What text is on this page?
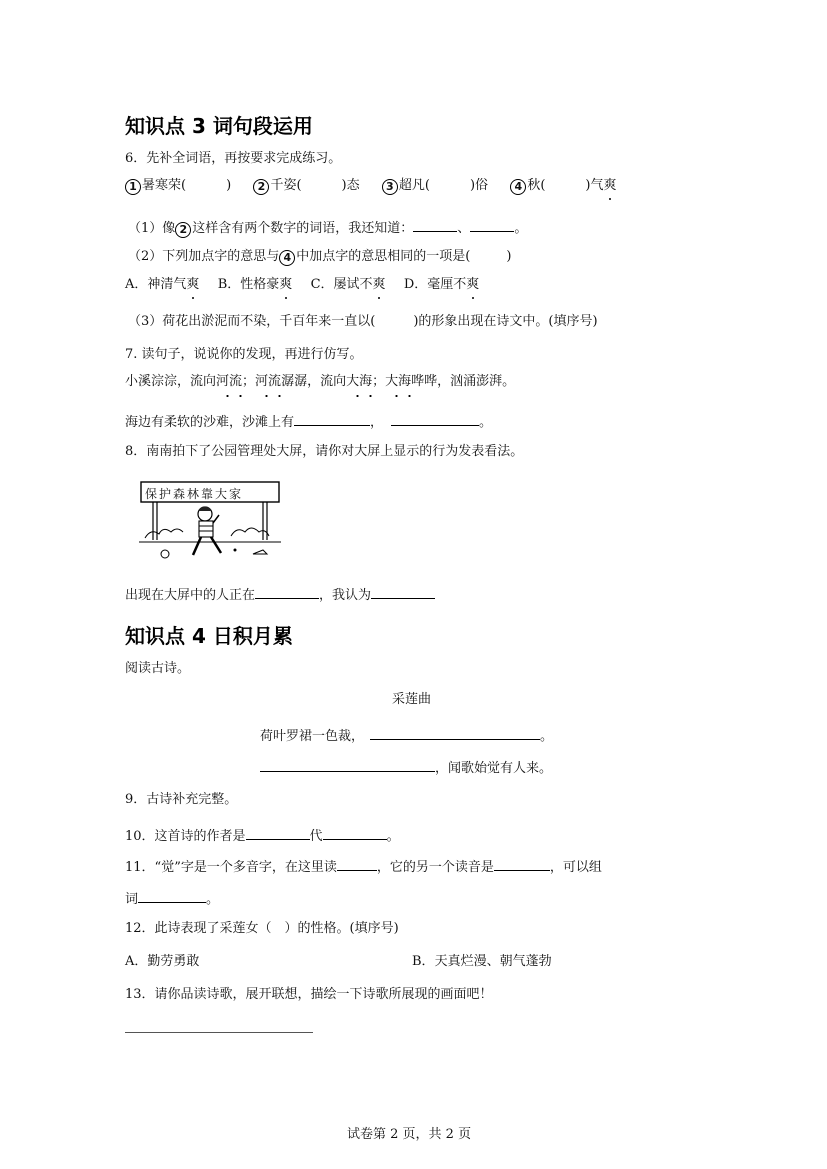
知识点 3 词句段运用
6．先补全词语，再按要求完成练习。
1 暑寒荣(	) 2 千姿(	)态 3 超凡(	)俗 4 秋(	)气爽
（1）像 2 这样含有两个数字的词语，我还知道：	、	。
（2）下列加点字的意思与 4 中加点字的意思相同的一项是(	)
A．神清气爽 B．性格豪爽 C．屡试不爽 D．毫厘不爽
（3）荷花出淤泥而不染，千百年来一直以(	)的形象出现在诗文中。(填序号)
7. 读句子，说说你的发现，再进行仿写。
小溪淙淙，流向河流；河流潺潺，流向大海；大海哗哗，汹涌澎湃。
海边有柔软的沙难，沙滩上有	，	。
8．南南拍下了公园管理处大屏，请你对大屏上显示的行为发表看法。
保护森林靠大家
出现在大屏中的人正在	，我认为
知识点 4 日积月累
阅读古诗。
采莲曲
荷叶罗裙一色裁，	。
，闻歌始觉有人来。
9．古诗补充完整。
10．这首诗的作者是	代	。
11．“觉”字是一个多音字，在这里读	，它的另一个读音是	，可以组
词	。
12．此诗表现了采莲女（　）的性格。(填序号)
A．勤劳勇敢	B．天真烂漫、朝气蓬勃
13．请你品读诗歌，展开联想，描绘一下诗歌所展现的画面吧！
试卷第 2 页，共 2 页
